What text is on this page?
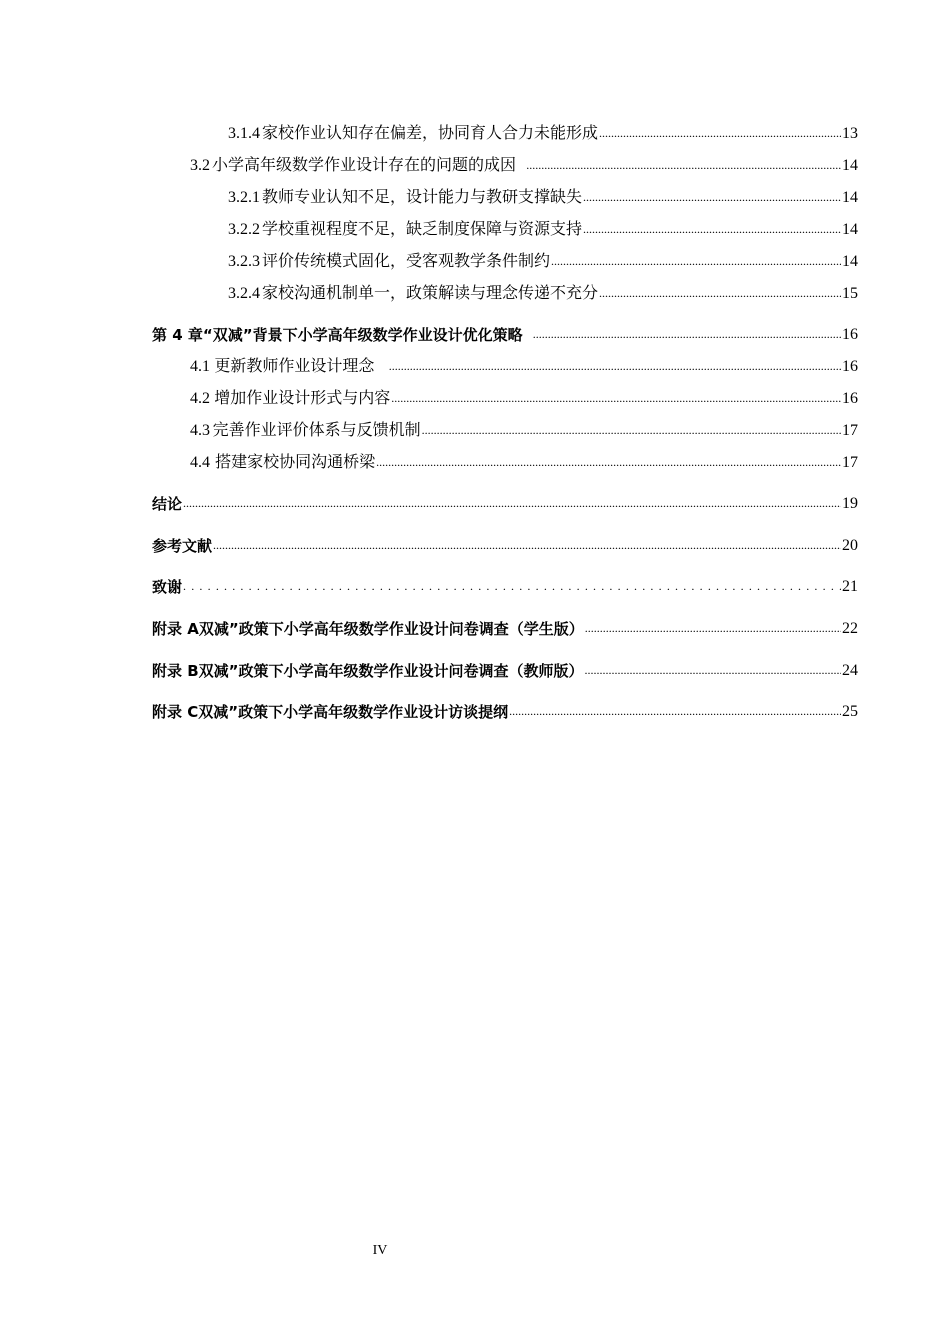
3.1.4 家校作业认知存在偏差，协同育人合力未能形成 .....	13
3.2 小学高年级数学作业设计存在的问题的成因 .....	14
3.2.1 教师专业认知不足，设计能力与教研支撑缺失 .....	14
3.2.2 学校重视程度不足，缺乏制度保障与资源支持 .....	14
3.2.3 评价传统模式固化，受客观教学条件制约 .....	14
3.2.4 家校沟通机制单一，政策解读与理念传递不充分 .....	15
第 4 章 “双减”背景下小学高年级数学作业设计优化策略 .....	16
4.1 更新教师作业设计理念 .....	16
4.2 增加作业设计形式与内容 .....	16
4.3 完善作业评价体系与反馈机制 .....	17
4.4 搭建家校协同沟通桥梁 .....	17
结论 .....	19
参考文献 .....	20
致谢 .....	21
附录 A 双减”政策下小学高年级数学作业设计问卷调查（学生版） .....	22
附录 B 双减”政策下小学高年级数学作业设计问卷调查（教师版） .....	24
附录 C 双减”政策下小学高年级数学作业设计访谈提纲 .....	25
IV
